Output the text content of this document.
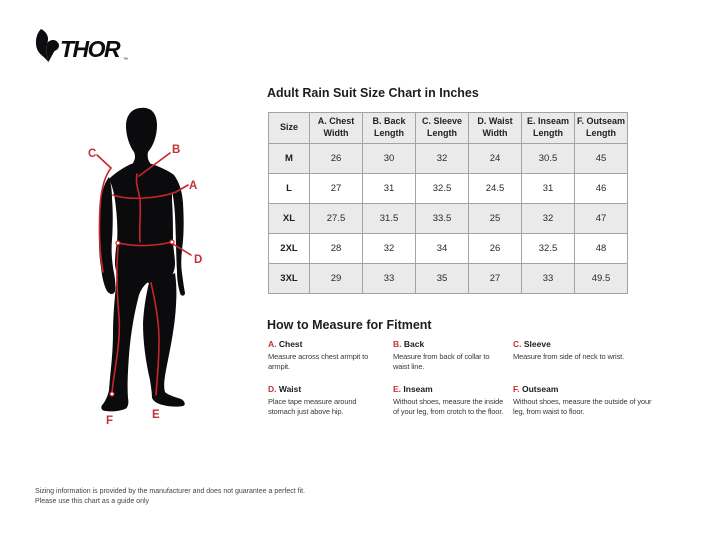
THOR ™
A
B
C
D
E
F
Adult Rain Suit Size Chart in Inches
Size	A. Chest Width	B. Back Length	C. Sleeve Length	D. Waist Width	E. Inseam Length	F. Outseam Length
M	26	30	32	24	30.5	45
L	27	31	32.5	24.5	31	46
XL	27.5	31.5	33.5	25	32	47
2XL	28	32	34	26	32.5	48
3XL	29	33	35	27	33	49.5
How to Measure for Fitment
A. Chest
Measure across chest armpit to armpit.
B. Back
Measure from back of collar to waist line.
C. Sleeve
Measure from side of neck to wrist.
D. Waist
Place tape measure around stomach just above hip.
E. Inseam
Without shoes, measure the inside of your leg, from crotch to the floor.
F. Outseam
Without shoes, measure the outside of your leg, from waist to floor.
Sizing information is provided by the manufacturer and does not guarantee a perfect fit.
Please use this chart as a guide only
